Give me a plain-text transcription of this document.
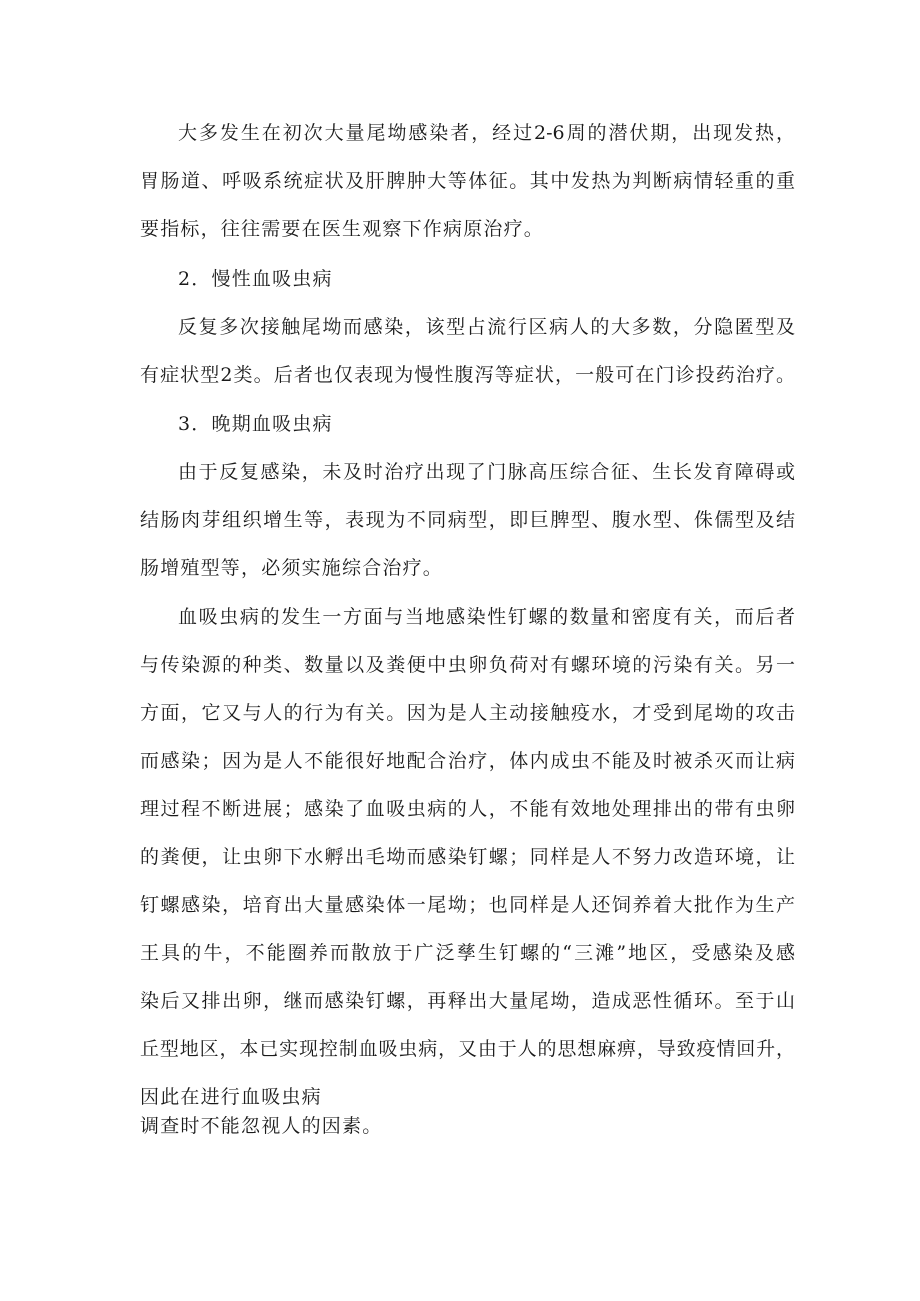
大多发生在初次大量尾坳感染者，经过2-6周的潜伏期，出现发热，
胃肠道、呼吸系统症状及肝脾肿大等体征。其中发热为判断病情轻重的重
要指标，往往需要在医生观察下作病原治疗。
2．慢性血吸虫病
反复多次接触尾坳而感染，该型占流行区病人的大多数，分隐匿型及
有症状型2类。后者也仅表现为慢性腹泻等症状，一般可在门诊投药治疗。
3．晚期血吸虫病
由于反复感染，未及时治疗出现了门脉高压综合征、生长发育障碍或
结肠肉芽组织增生等，表现为不同病型，即巨脾型、腹水型、侏儒型及结
肠增殖型等，必须实施综合治疗。
血吸虫病的发生一方面与当地感染性钉螺的数量和密度有关，而后者
与传染源的种类、数量以及粪便中虫卵负荷对有螺环境的污染有关。另一
方面，它又与人的行为有关。因为是人主动接触疫水，才受到尾坳的攻击
而感染；因为是人不能很好地配合治疗，体内成虫不能及时被杀灭而让病
理过程不断进展；感染了血吸虫病的人，不能有效地处理排出的带有虫卵
的粪便，让虫卵下水孵出毛坳而感染钉螺；同样是人不努力改造环境，让
钉螺感染，培育出大量感染体一尾坳；也同样是人还饲养着大批作为生产
王具的牛，不能圈养而散放于广泛孳生钉螺的“三滩”地区，受感染及感
染后又排出卵，继而感染钉螺，再释出大量尾坳，造成恶性循环。至于山
丘型地区，本已实现控制血吸虫病，又由于人的思想麻痹，导致疫情回升，
因此在进行血吸虫病
调查时不能忽视人的因素。
